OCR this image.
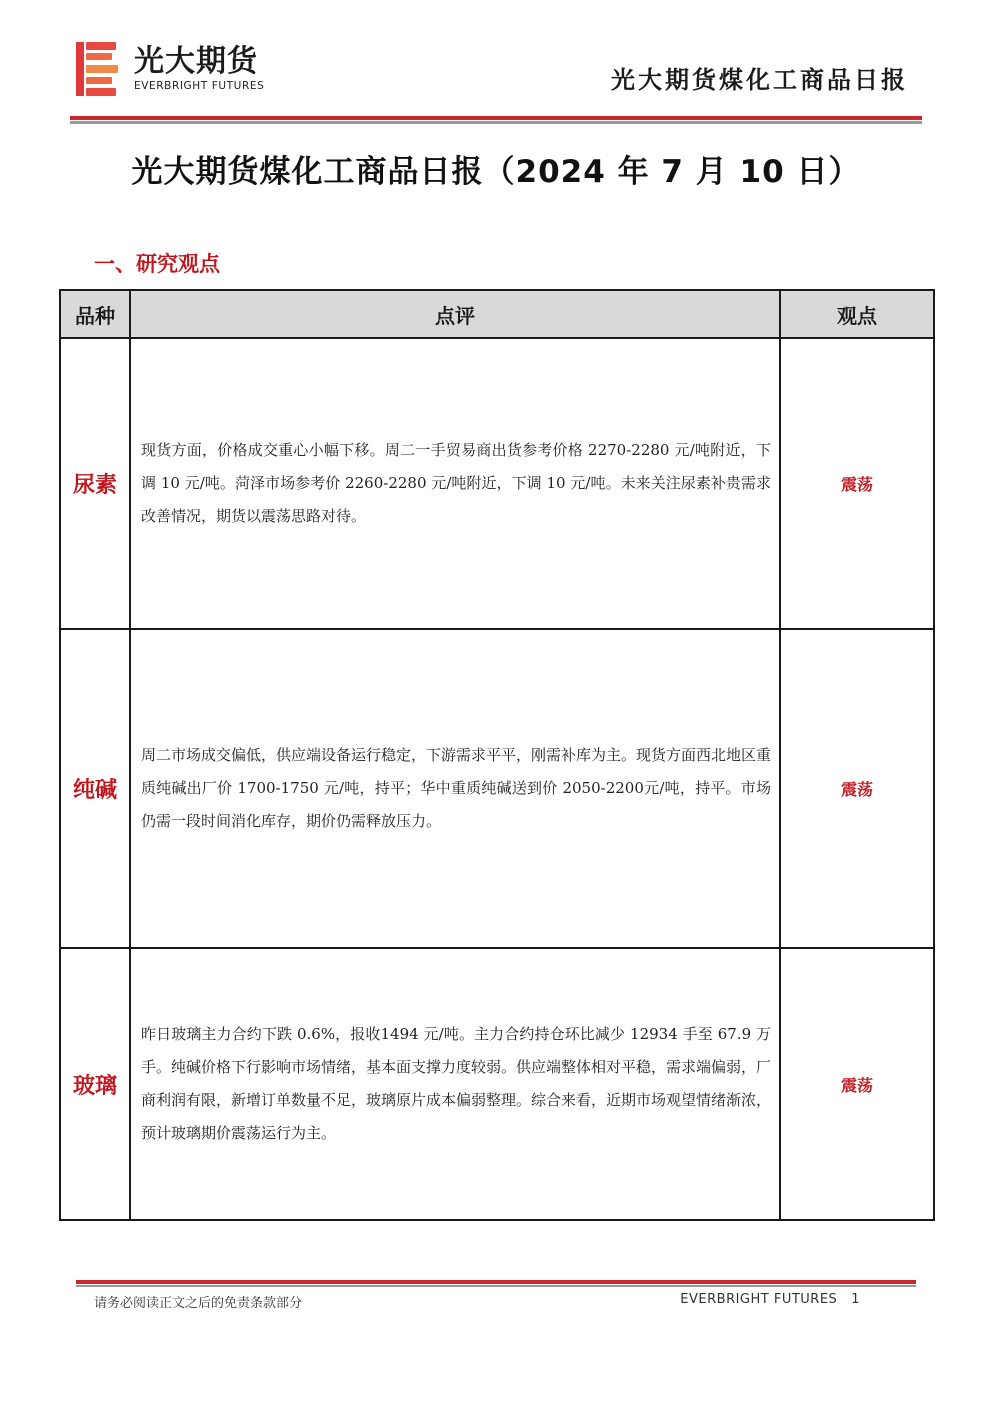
光大期货
EVERBRIGHT FUTURES	光大期货煤化工商品日报
光大期货煤化工商品日报（2024 年 7 月 10 日）
一、研究观点
品种	点评	观点
尿素	现货方面，价格成交重心小幅下移。周二一手贸易商出货参考价格 2270-2280 元/吨附近，下调 10 元/吨。菏泽市场参考价 2260-2280 元/吨附近，下调 10 元/吨。未来关注尿素补贵需求改善情况，期货以震荡思路对待。	震荡
纯碱	周二市场成交偏低，供应端设备运行稳定，下游需求平平，刚需补库为主。现货方面西北地区重质纯碱出厂价 1700-1750 元/吨，持平；华中重质纯碱送到价 2050-2200元/吨，持平。市场仍需一段时间消化库存，期价仍需释放压力。	震荡
玻璃	昨日玻璃主力合约下跌 0.6%，报收1494 元/吨。主力合约持仓环比减少 12934 手至 67.9 万手。纯碱价格下行影响市场情绪，基本面支撑力度较弱。供应端整体相对平稳，需求端偏弱，厂商利润有限，新增订单数量不足，玻璃原片成本偏弱整理。综合来看，近期市场观望情绪渐浓，预计玻璃期价震荡运行为主。	震荡
请务必阅读正文之后的免责条款部分	EVERBRIGHT FUTURES 1
